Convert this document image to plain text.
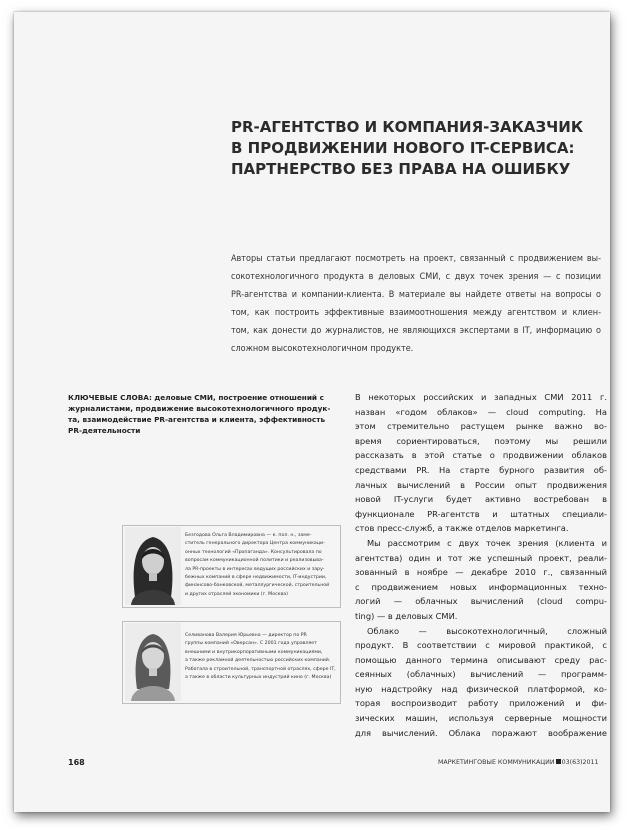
PR-АГЕНТСТВО И КОМПАНИЯ-ЗАКАЗЧИК
В ПРОДВИЖЕНИИ НОВОГО IT-СЕРВИСА:
ПАРТНЕРСТВО БЕЗ ПРАВА НА ОШИБКУ

Авторы статьи предлагают посмотреть на проект, связанный с продвижением вы-
сокотехнологичного продукта в деловых СМИ, с двух точек зрения — с позиции
PR-агентства и компании-клиента. В материале вы найдете ответы на вопросы о
том, как построить эффективные взаимоотношения между агентством и клиен-
том, как донести до журналистов, не являющихся экспертами в IT, информацию о
сложном высокотехнологичном продукте.

КЛЮЧЕВЫЕ СЛОВА: деловые СМИ, построение отношений с
журналистами, продвижение высокотехнологичного продук-
та, взаимодействие PR-агентства и клиента, эффективность
PR-деятельности

Безгодова Ольга Владимировна — к. пол. н., заме-
ститель генерального директора Центра коммуникаци-
онных технологий «Пропаганда». Консультировала по
вопросам коммуникационной политики и реализовыва-
ла PR-проекты в интересах ведущих российских и зару-
бежных компаний в сфере недвижимости, IT-индустрии,
финансово-банковской, металлургической, строительной
и других отраслей экономики (г. Москва)

Селиванова Валерия Юрьевна — директор по PR
группы компаний «Оверсан». С 2001 года управляет
внешними и внутрикорпоративными коммуникациями,
а также рекламной деятельностью российских компаний.
Работала в строительной, транспортной отраслях, сфере IT,
а также в области культурных индустрий кино (г. Москва)

В некоторых российских и западных СМИ 2011 г.
назван «годом облаков» — cloud computing. На
этом стремительно растущем рынке важно во-
время сориентироваться, поэтому мы решили
рассказать в этой статье о продвижении облаков
средствами PR. На старте бурного развития об-
лачных вычислений в России опыт продвижения
новой IT-услуги будет активно востребован в
функционале PR-агентств и штатных специали-
стов пресс-служб, а также отделов маркетинга.
Мы рассмотрим с двух точек зрения (клиента и
агентства) один и тот же успешный проект, реали-
зованный в ноябре — декабре 2010 г., связанный
с продвижением новых информационных техно-
логий — облачных вычислений (cloud compu-
ting) — в деловых СМИ.
Облако — высокотехнологичный, сложный
продукт. В соответствии с мировой практикой, с
помощью данного термина описывают среду рас-
сеянных (облачных) вычислений — программ-
ную надстройку над физической платформой, ко-
торая воспроизводит работу приложений и фи-
зических машин, используя серверные мощности
для вычислений. Облака поражают воображение

168	МАРКЕТИНГОВЫЕ КОММУНИКАЦИИ 03(63)2011
